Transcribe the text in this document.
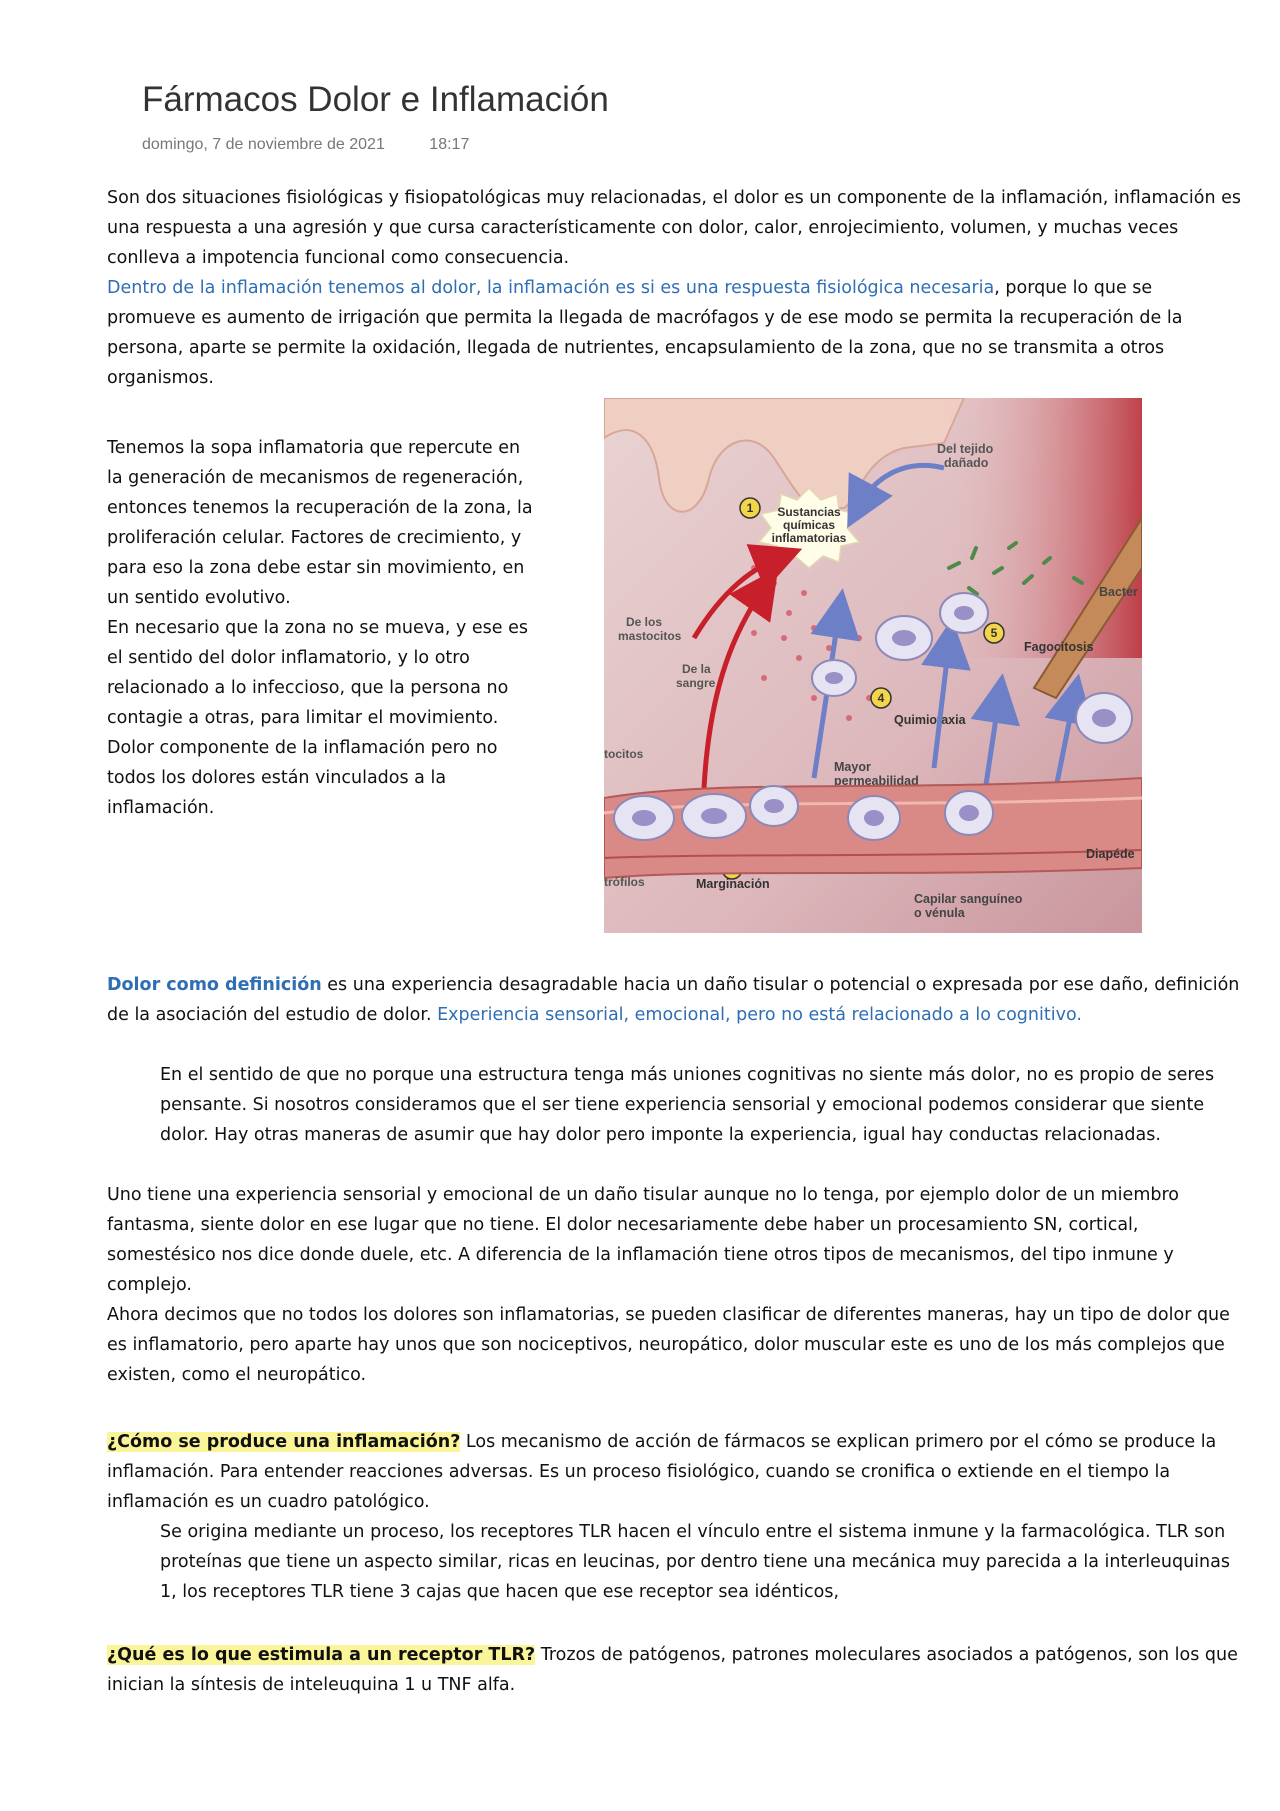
Fármacos Dolor e Inflamación
domingo, 7 de noviembre de 2021	18:17

Son dos situaciones fisiológicas y fisiopatológicas muy relacionadas, el dolor es un componente de la inflamación, inflamación es una respuesta a una agresión y que cursa característicamente con dolor, calor, enrojecimiento, volumen, y muchas veces conlleva a impotencia funcional como consecuencia.
Dentro de la inflamación tenemos al dolor, la inflamación es si es una respuesta fisiológica necesaria, porque lo que se promueve es aumento de irrigación que permita la llegada de macrófagos y de ese modo se permita la recuperación de la persona, aparte se permite la oxidación, llegada de nutrientes, encapsulamiento de la zona, que no se transmita a otros organismos.

Tenemos la sopa inflamatoria que repercute en la generación de mecanismos de regeneración, entonces tenemos la recuperación de la zona, la proliferación celular. Factores de crecimiento, y para eso la zona debe estar sin movimiento, en un sentido evolutivo.
En necesario que la zona no se mueva, y ese es el sentido del dolor inflamatorio, y lo otro relacionado a lo infeccioso, que la persona no contagie a otras, para limitar el movimiento.
Dolor componente de la inflamación pero no todos los dolores están vinculados a la inflamación.
Sustancias
químicas
inflamatorias
Del tejido
dañado
Bacter
1
5
4
Fagocitosis
Quimiotaxia
De los
mastocitos
De la
sangre
tocitos
Mayor
permeabilidad
Diapéde
trófilos	Marginación
Capilar sanguíneo
o vénula

Dolor como definición es una experiencia desagradable hacia un daño tisular o potencial o expresada por ese daño, definición de la asociación del estudio de dolor. Experiencia sensorial, emocional, pero no está relacionado a lo cognitivo.

En el sentido de que no porque una estructura tenga más uniones cognitivas no siente más dolor, no es propio de seres pensante. Si nosotros consideramos que el ser tiene experiencia sensorial y emocional podemos considerar que siente dolor. Hay otras maneras de asumir que hay dolor pero imponte la experiencia, igual hay conductas relacionadas.

Uno tiene una experiencia sensorial y emocional de un daño tisular aunque no lo tenga, por ejemplo dolor de un miembro fantasma, siente dolor en ese lugar que no tiene. El dolor necesariamente debe haber un procesamiento SN, cortical, somestésico nos dice donde duele, etc. A diferencia de la inflamación tiene otros tipos de mecanismos, del tipo inmune y complejo.
Ahora decimos que no todos los dolores son inflamatorias, se pueden clasificar de diferentes maneras, hay un tipo de dolor que es inflamatorio, pero aparte hay unos que son nociceptivos, neuropático, dolor muscular este es uno de los más complejos que existen, como el neuropático.

¿Cómo se produce una inflamación? Los mecanismo de acción de fármacos se explican primero por el cómo se produce la inflamación. Para entender reacciones adversas. Es un proceso fisiológico, cuando se cronifica o extiende en el tiempo la inflamación es un cuadro patológico.

Se origina mediante un proceso, los receptores TLR hacen el vínculo entre el sistema inmune y la farmacológica. TLR son proteínas que tiene un aspecto similar, ricas en leucinas, por dentro tiene una mecánica muy parecida a la interleuquinas 1, los receptores TLR tiene 3 cajas que hacen que ese receptor sea idénticos,

¿Qué es lo que estimula a un receptor TLR? Trozos de patógenos, patrones moleculares asociados a patógenos, son los que inician la síntesis de inteleuquina 1 u TNF alfa.
